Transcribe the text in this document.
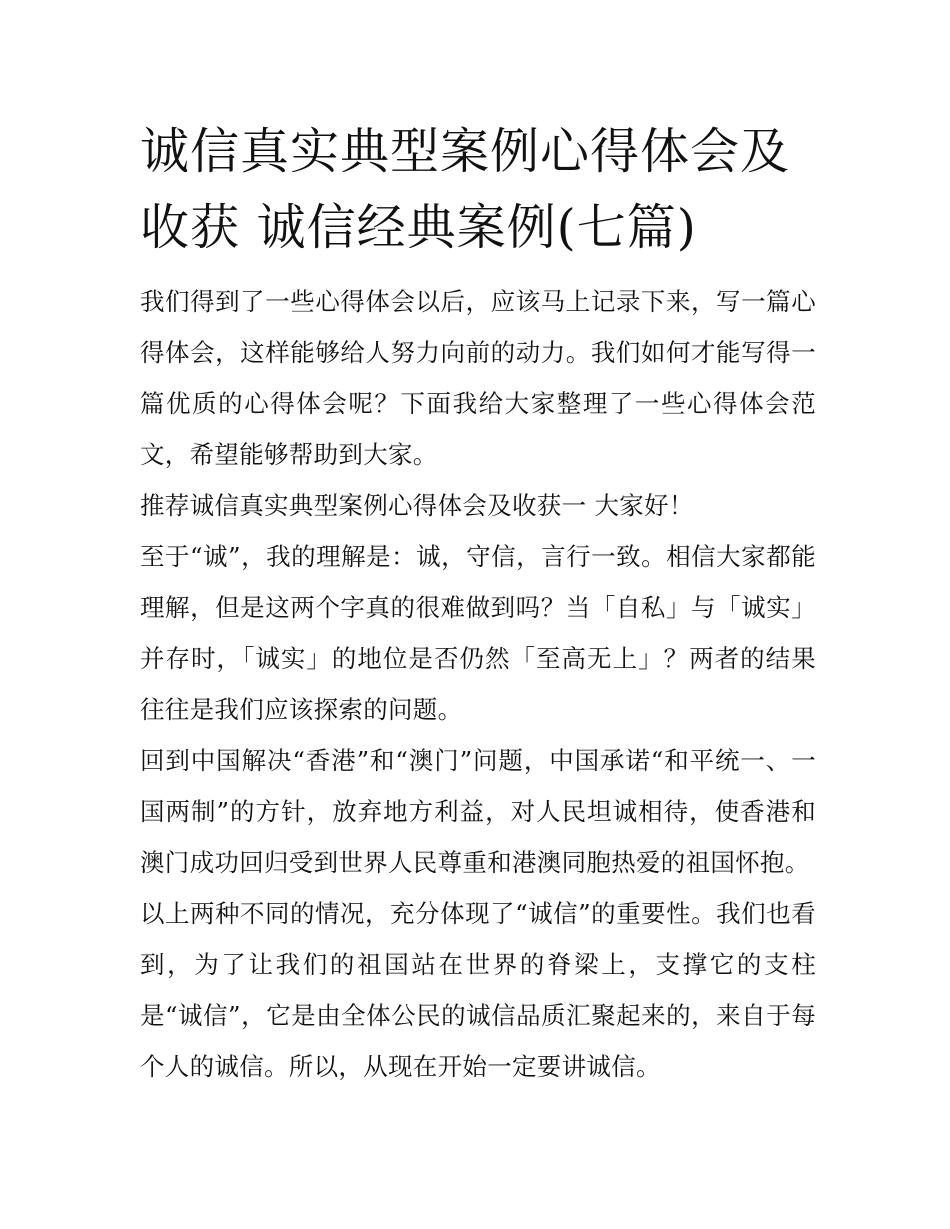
诚信真实典型案例心得体会及收获 诚信经典案例(七篇)

我们得到了一些心得体会以后，应该马上记录下来，写一篇心得体会，这样能够给人努力向前的动力。我们如何才能写得一篇优质的心得体会呢？下面我给大家整理了一些心得体会范文，希望能够帮助到大家。

推荐诚信真实典型案例心得体会及收获一 大家好！

至于“诚”，我的理解是：诚，守信，言行一致。相信大家都能理解，但是这两个字真的很难做到吗？当「自私」与「诚实」并存时，「诚实」的地位是否仍然「至高无上」？两者的结果往往是我们应该探索的问题。

回到中国解决“香港”和“澳门”问题，中国承诺“和平统一、一国两制”的方针，放弃地方利益，对人民坦诚相待，使香港和澳门成功回归受到世界人民尊重和港澳同胞热爱的祖国怀抱。

以上两种不同的情况，充分体现了“诚信”的重要性。我们也看到，为了让我们的祖国站在世界的脊梁上，支撑它的支柱是“诚信”，它是由全体公民的诚信品质汇聚起来的，来自于每个人的诚信。所以，从现在开始一定要讲诚信。
